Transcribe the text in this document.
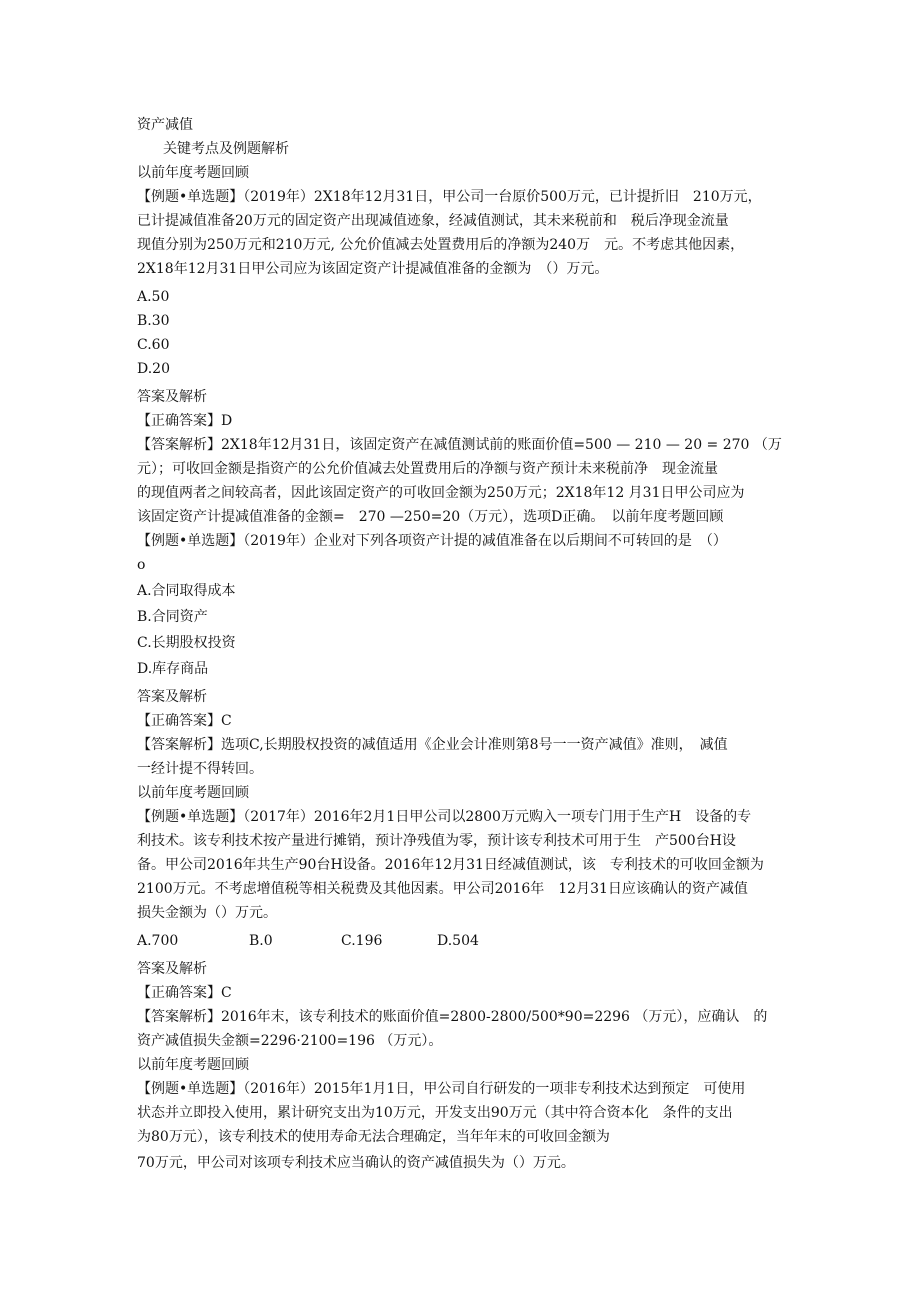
资产减值
关键考点及例题解析
以前年度考题回顾
【例题•单选题】（2019年）2X18年12月31日，甲公司一台原价500万元，已计提折旧　210万元，
已计提减值准备20万元的固定资产出现减值迹象，经减值测试，其未来税前和　税后净现金流量
现值分别为250万元和210万元, 公允价值减去处置费用后的净额为240万　元。不考虑其他因素，
2X18年12月31日甲公司应为该固定资产计提减值准备的金额为　（）万元。
A.50
B.30
C.60
D.20
答案及解析
【正确答案】D
【答案解析】2X18年12月31日，该固定资产在减值测试前的账面价值=500 — 210 — 20 = 270 （万
元）；可收回金额是指资产的公允价值减去处置费用后的净额与资产预计未来税前净　现金流量
的现值两者之间较高者，因此该固定资产的可收回金额为250万元；2X18年12 月31日甲公司应为
该固定资产计提减值准备的金额=　270 —250=20（万元），选项D正确。　以前年度考题回顾
【例题•单选题】（2019年）企业对下列各项资产计提的减值准备在以后期间不可转回的是　（）
o
A.合同取得成本
B.合同资产
C.长期股权投资
D.库存商品
答案及解析
【正确答案】C
【答案解析】选项C,长期股权投资的减值适用《企业会计准则第8号一一资产减值》准则，　减值
一经计提不得转回。
以前年度考题回顾
【例题•单选题】（2017年）2016年2月1日甲公司以2800万元购入一项专门用于生产H　设备的专
利技术。该专利技术按产量进行摊销，预计净残值为零，预计该专利技术可用于生　产500台H设
备。甲公司2016年共生产90台H设备。2016年12月31日经减值测试，该　专利技术的可收回金额为
2100万元。不考虑增值税等相关税费及其他因素。甲公司2016年　12月31日应该确认的资产减值
损失金额为（）万元。
A.700	B.0	C.196	D.504
答案及解析
【正确答案】C
【答案解析】2016年末，该专利技术的账面价值=2800-2800/500*90=2296 （万元），应确认　的
资产减值损失金额=2296·2100=196 （万元）。
以前年度考题回顾
【例题•单选题】（2016年）2015年1月1日，甲公司自行研发的一项非专利技术达到预定　可使用
状态并立即投入使用，累计研究支出为10万元，开发支出90万元（其中符合资本化　条件的支出
为80万元），该专利技术的使用寿命无法合理确定，当年年末的可收回金额为
70万元，甲公司对该项专利技术应当确认的资产减值损失为（）万元。
